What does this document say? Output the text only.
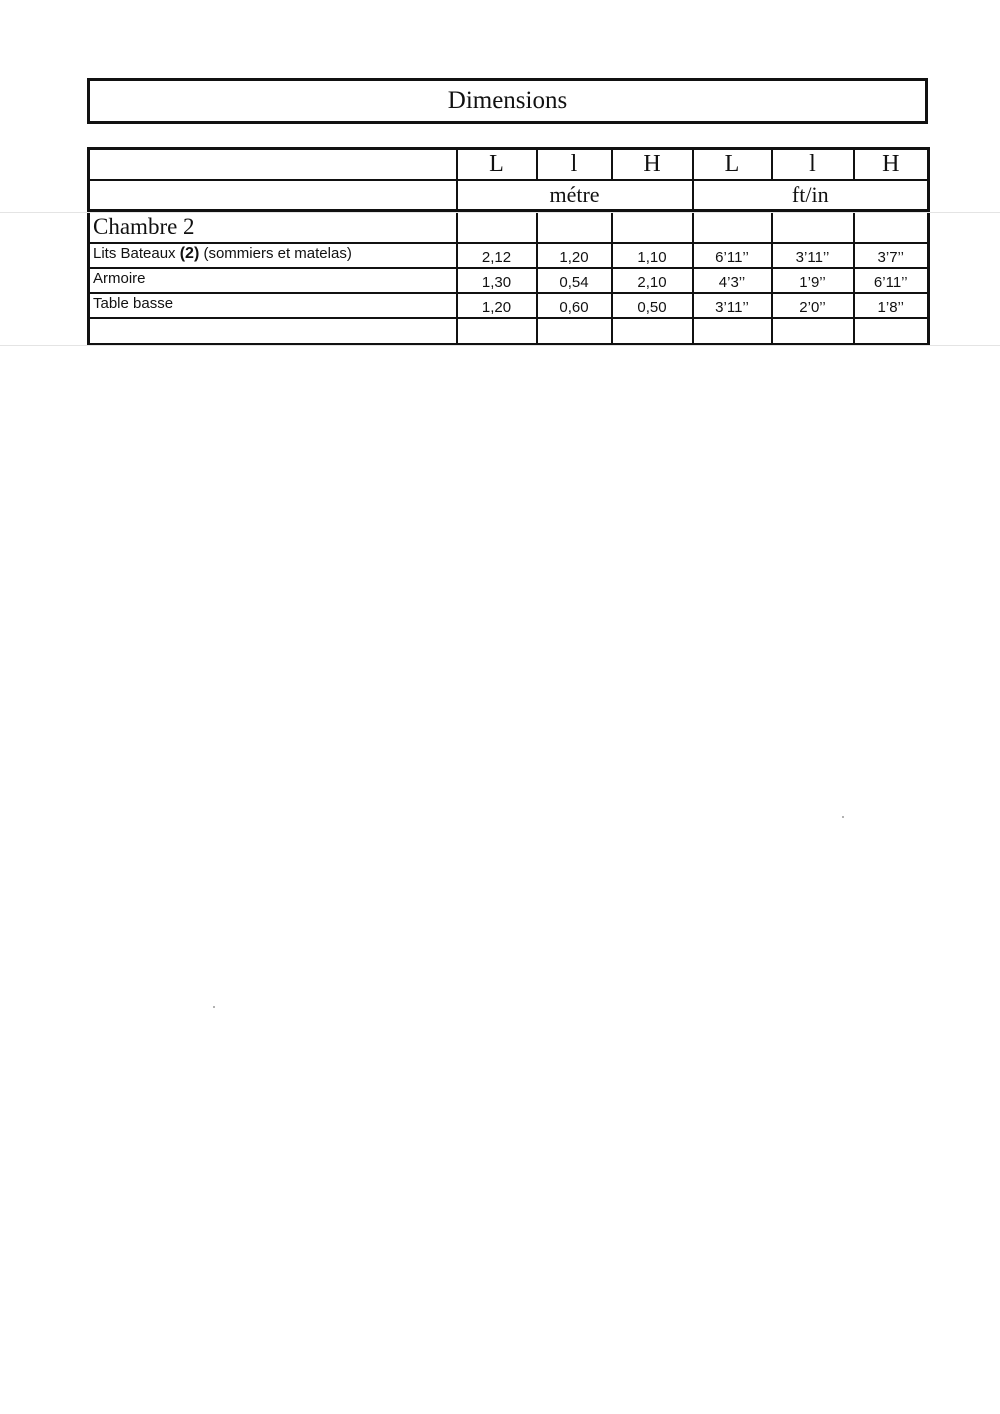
Dimensions
	L	l	H	L	l	H
	métre			ft/in		
Chambre 2						
Lits Bateaux (2) (sommiers et matelas)	2,12	1,20	1,10	6’11’’	3’11’’	3’7’’
Armoire	1,30	0,54	2,10	4’3’’	1’9’’	6’11’’
Table basse	1,20	0,60	0,50	3’11’’	2’0’’	1’8’’
